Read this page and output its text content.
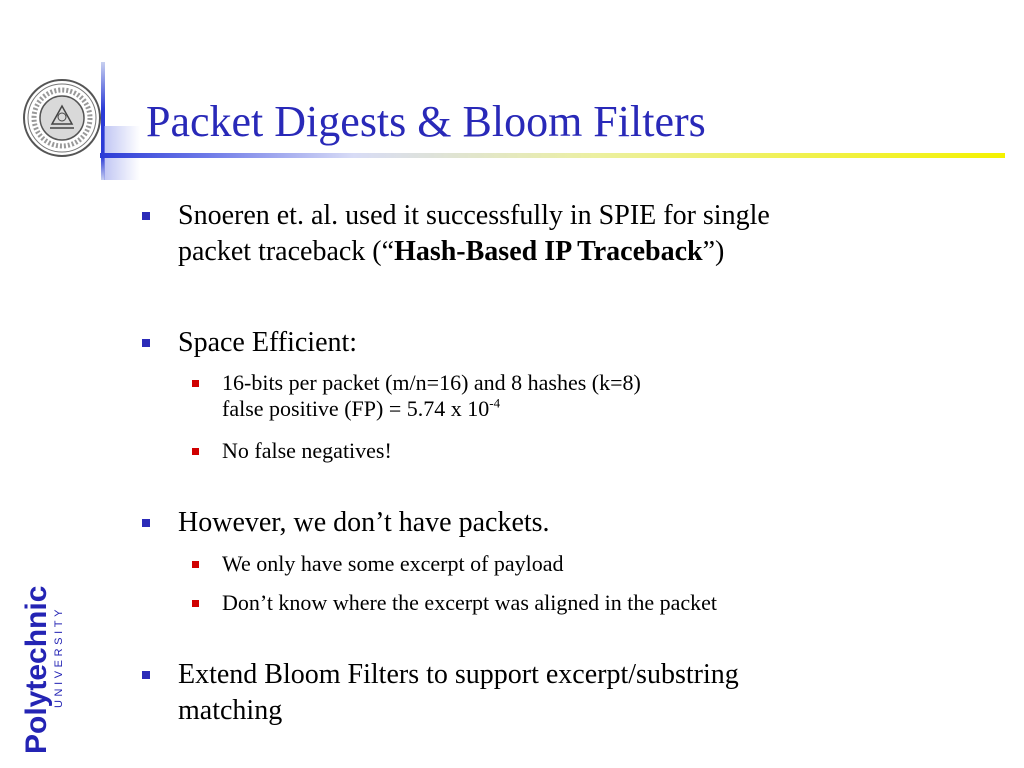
Packet Digests & Bloom Filters
Polytechnic UNIVERSITY
Snoeren et. al. used it successfully in SPIE for single
packet traceback (“Hash-Based IP Traceback”)
Space Efficient:
16-bits per packet (m/n=16) and 8 hashes (k=8)
false positive (FP) = 5.74 x $10^{-4}$
No false negatives!
However, we don’t have packets.
We only have some excerpt of payload
Don’t know where the excerpt was aligned in the packet
Extend Bloom Filters to support excerpt/substring
matching
